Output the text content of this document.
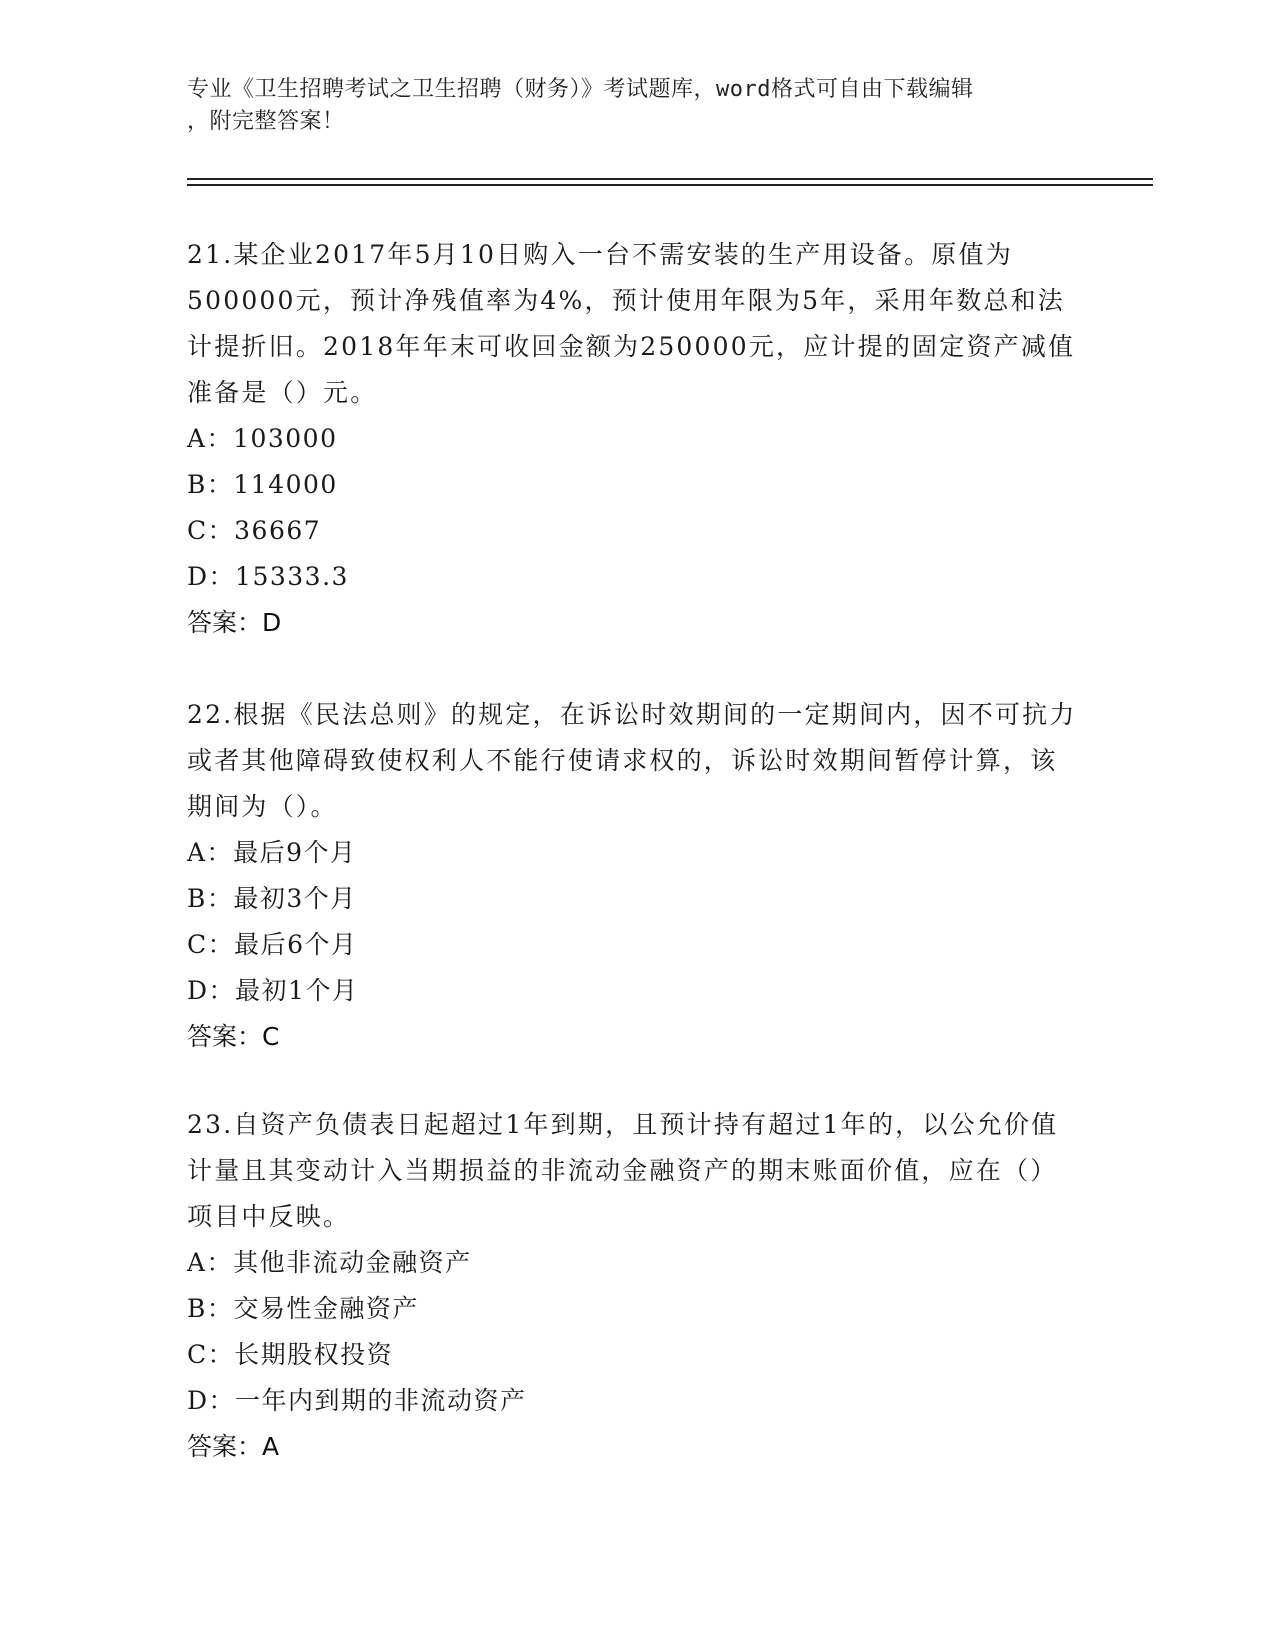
专业《卫生招聘考试之卫生招聘（财务）》考试题库，word格式可自由下载编辑
，附完整答案！

21.某企业2017年5月10日购入一台不需安装的生产用设备。原值为500000元，预计净残值率为4%，预计使用年限为5年，采用年数总和法计提折旧。2018年年末可收回金额为250000元，应计提的固定资产减值准备是（）元。

A：103000

B：114000

C：36667

D：15333.3

答案：D

22.根据《民法总则》的规定，在诉讼时效期间的一定期间内，因不可抗力或者其他障碍致使权利人不能行使请求权的，诉讼时效期间暂停计算，该期间为（）。

A：最后9个月

B：最初3个月

C：最后6个月

D：最初1个月

答案：C

23.自资产负债表日起超过1年到期，且预计持有超过1年的，以公允价值计量且其变动计入当期损益的非流动金融资产的期末账面价值，应在（）项目中反映。

A：其他非流动金融资产

B：交易性金融资产

C：长期股权投资

D：一年内到期的非流动资产

答案：A
